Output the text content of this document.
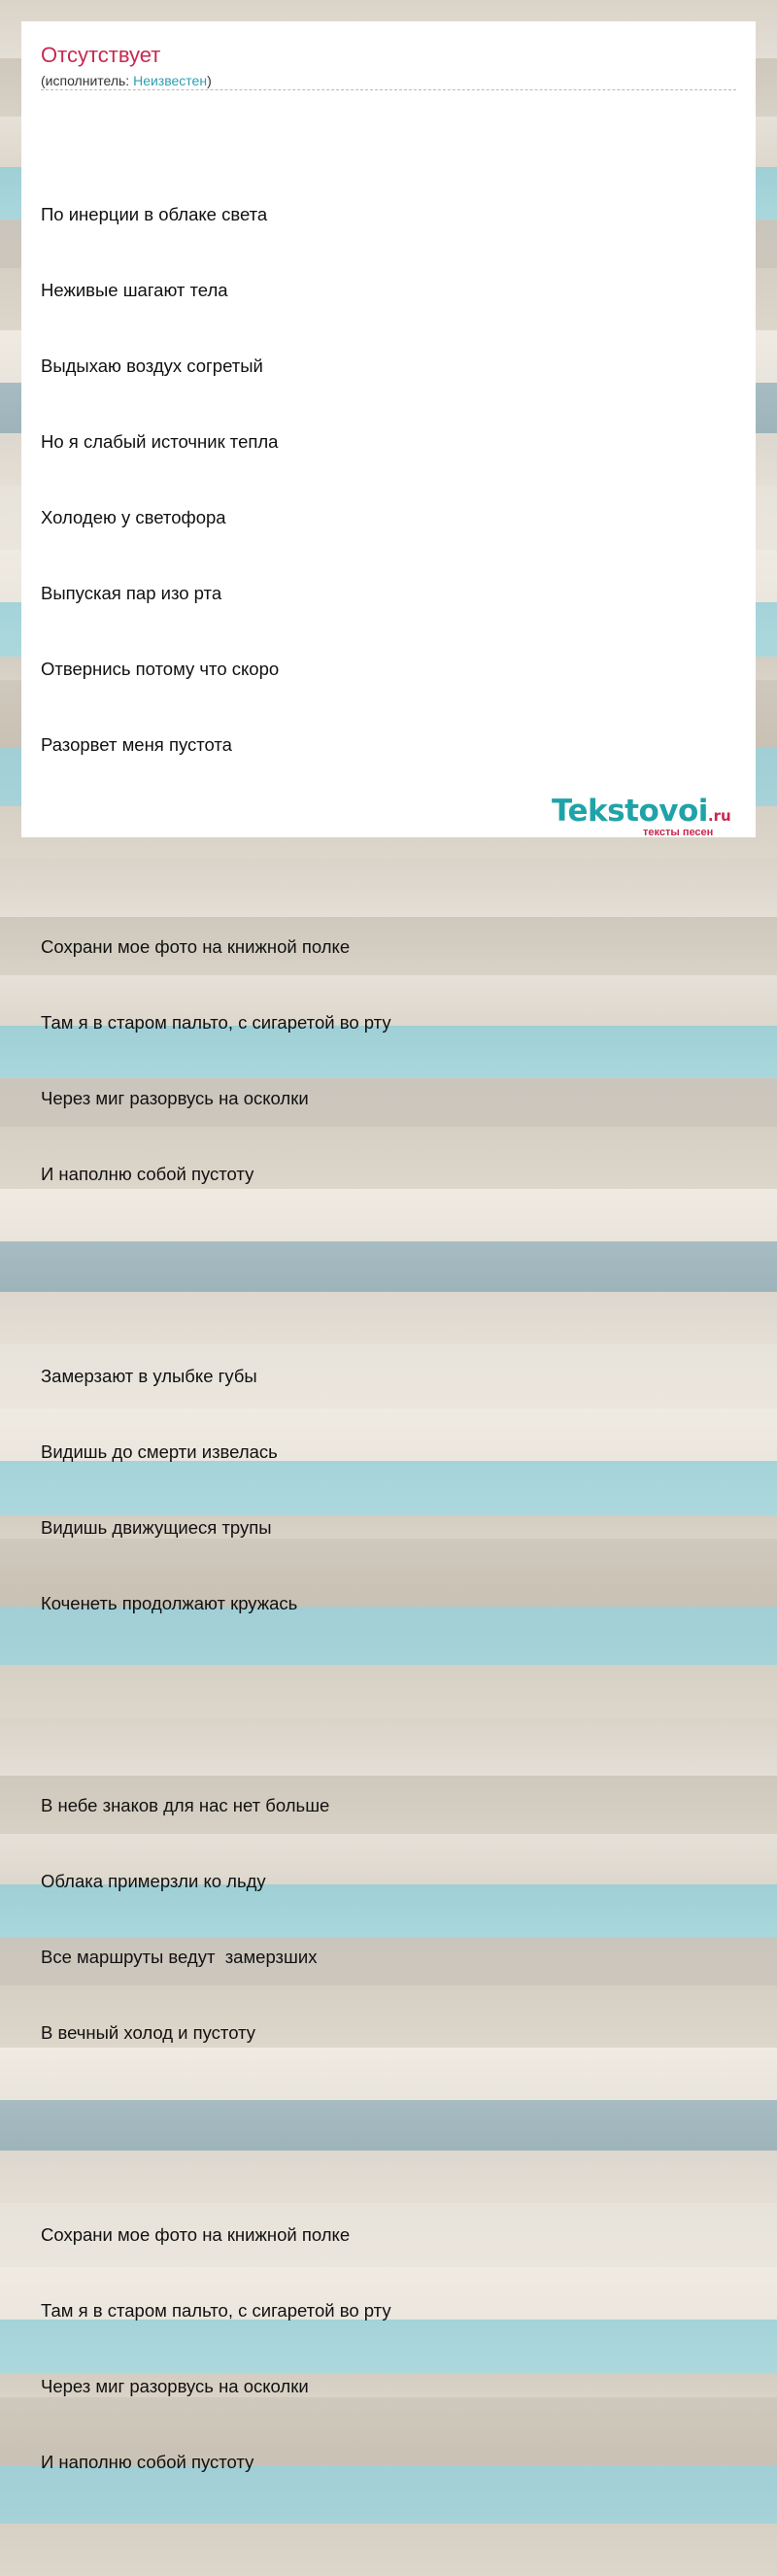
Отсутствует
(исполнитель: Неизвестен)

По инерции в облаке света

Неживые шагают тела

Выдыхаю воздух согретый

Но я слабый источник тепла

Холодею у светофора

Выпуская пар изо рта

Отвернись потому что скоро

Разорвет меня пустота

Сохрани мое фото на книжной полке

Там я в старом пальто, с сигаретой во рту

Через миг разорвусь на осколки

И наполню собой пустоту

Замерзают в улыбке губы

Видишь до смерти извелась

Видишь движущиеся трупы

Коченеть продолжают кружась

В небе знаков для нас нет больше

Облака примерзли ко льду

Все маршруты ведут  замерзших

В вечный холод и пустоту

Сохрани мое фото на книжной полке

Там я в старом пальто, с сигаретой во рту

Через миг разорвусь на осколки

И наполню собой пустоту

Tekstovoi.ru
тексты песен
